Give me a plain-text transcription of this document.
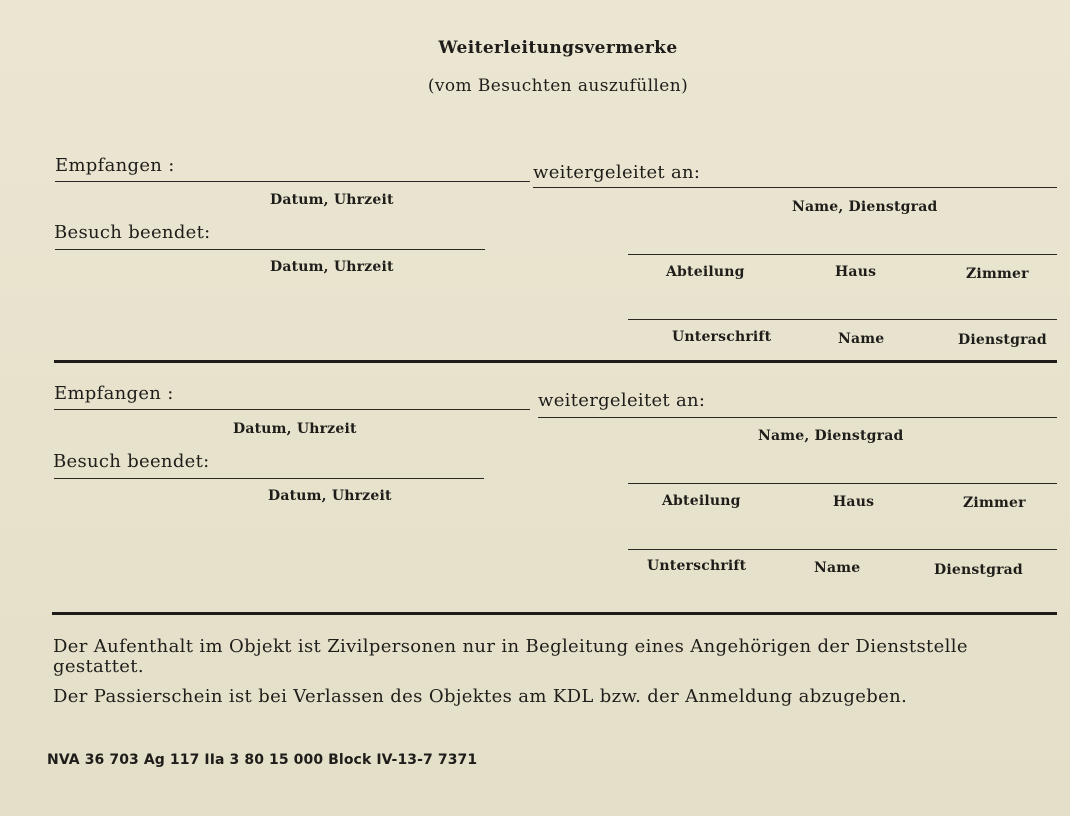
Weiterleitungsvermerke
(vom Besuchten auszufüllen)
Empfangen :
Datum, Uhrzeit
Besuch beendet:
Datum, Uhrzeit
weitergeleitet an:
Name, Dienstgrad
Abteilung	Haus	Zimmer
Unterschrift	Name	Dienstgrad
Empfangen :
Datum, Uhrzeit
Besuch beendet:
Datum, Uhrzeit
weitergeleitet an:
Name, Dienstgrad
Abteilung	Haus	Zimmer
Unterschrift	Name	Dienstgrad
Der Aufenthalt im Objekt ist Zivilpersonen nur in Begleitung eines Angehörigen der Dienststelle
gestattet.
Der Passierschein ist bei Verlassen des Objektes am KDL bzw. der Anmeldung abzugeben.
NVA 36 703 Ag 117 IIa 3 80 15 000 Block IV-13-7 7371
